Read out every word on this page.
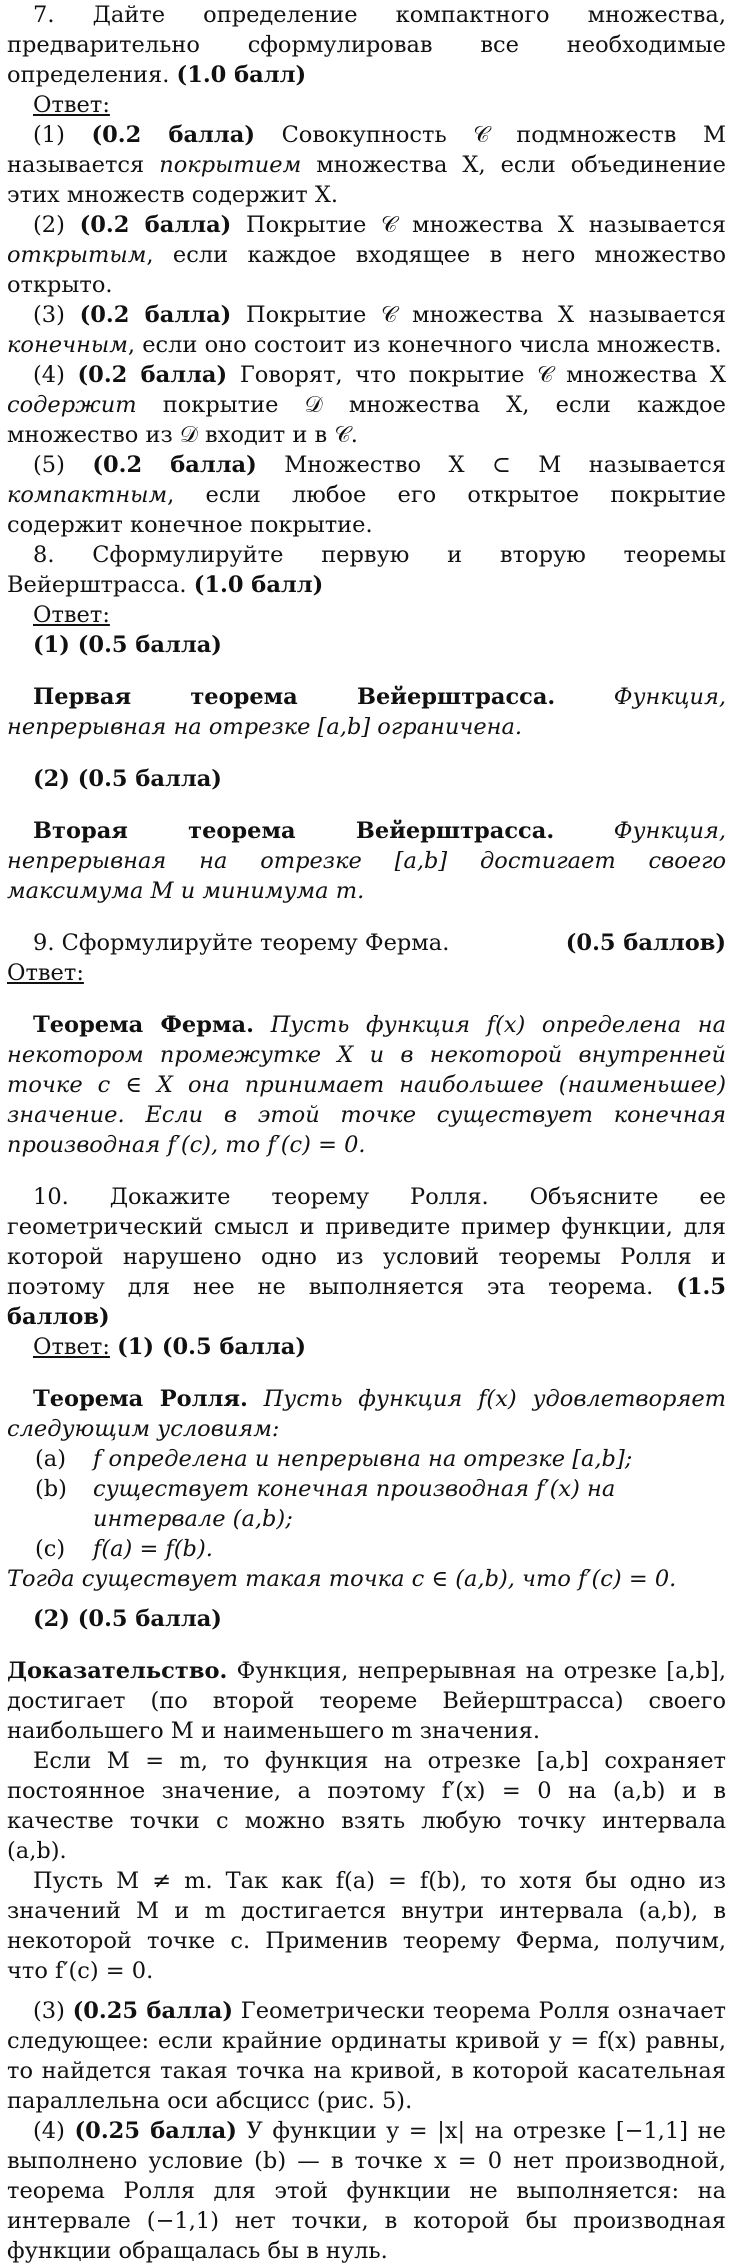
7. Дайте определение компактного множества, предварительно сформулировав все необходимые определения. (1.0 балл)

Ответ:

(1) (0.2 балла) Совокупность 𝒞 подмножеств M называется покрытием множества X, если объединение этих множеств содержит X.

(2) (0.2 балла) Покрытие 𝒞 множества X называется открытым, если каждое входящее в него множество открыто.

(3) (0.2 балла) Покрытие 𝒞 множества X называется конечным, если оно состоит из конечного числа множеств.

(4) (0.2 балла) Говорят, что покрытие 𝒞 множества X содержит покрытие 𝒟 множества X, если каждое множество из 𝒟 входит и в 𝒞.

(5) (0.2 балла) Множество X ⊂ M называется компактным, если любое его открытое покрытие содержит конечное покрытие.

8. Сформулируйте первую и вторую теоремы Вейерштрасса. (1.0 балл)

Ответ:

(1) (0.5 балла)

Первая теорема Вейерштрасса.	Функция, непрерывная на отрезке [a,b] ограничена.

(2) (0.5 балла)

Вторая теорема Вейерштрасса.	Функция, непрерывная на отрезке [a,b] достигает своего максимума M и минимума m.

9. Сформулируйте теорему Ферма.	(0.5 баллов)

Ответ:

Теорема Ферма. Пусть функция f(x) определена на некотором промежутке X и в некоторой внутренней точке c ∈ X она принимает наибольшее (наименьшее) значение. Если в этой точке существует конечная производная f′(c), то f′(c) = 0.

10. Докажите теорему Ролля. Объясните ее геометрический смысл и приведите пример функции, для которой нарушено одно из условий теоремы Ролля и поэтому для нее не выполняется эта теорема. (1.5 баллов)

Ответ: (1) (0.5 балла)

Теорема Ролля. Пусть функция f(x) удовлетворяет следующим условиям:

(a)	f определена и непрерывна на отрезке [a,b];
(b)	существует конечная производная f′(x) на интервале (a,b);
(c)	f(a) = f(b).

Тогда существует такая точка c ∈ (a,b), что f′(c) = 0.

(2) (0.5 балла)

Доказательство. Функция, непрерывная на отрезке [a,b], достигает (по второй теореме Вейерштрасса) своего наибольшего M и наименьшего m значения.

Если M = m, то функция на отрезке [a,b] сохраняет постоянное значение, а поэтому f′(x) = 0 на (a,b) и в качестве точки c можно взять любую точку интервала (a,b).

Пусть M ≠ m. Так как f(a) = f(b), то хотя бы одно из значений M и m достигается внутри интервала (a,b), в некоторой точке c. Применив теорему Ферма, получим, что f′(c) = 0.

(3) (0.25 балла) Геометрически теорема Ролля означает следующее: если крайние ординаты кривой y = f(x) равны, то найдется такая точка на кривой, в которой касательная параллельна оси абсцисс (рис. 5).

(4) (0.25 балла) У функции y = |x| на отрезке [−1,1] не выполнено условие (b) — в точке x = 0 нет производной, теорема Ролля для этой функции не выполняется: на интервале (−1,1) нет точки, в которой бы производная функции обращалась бы в нуль.
